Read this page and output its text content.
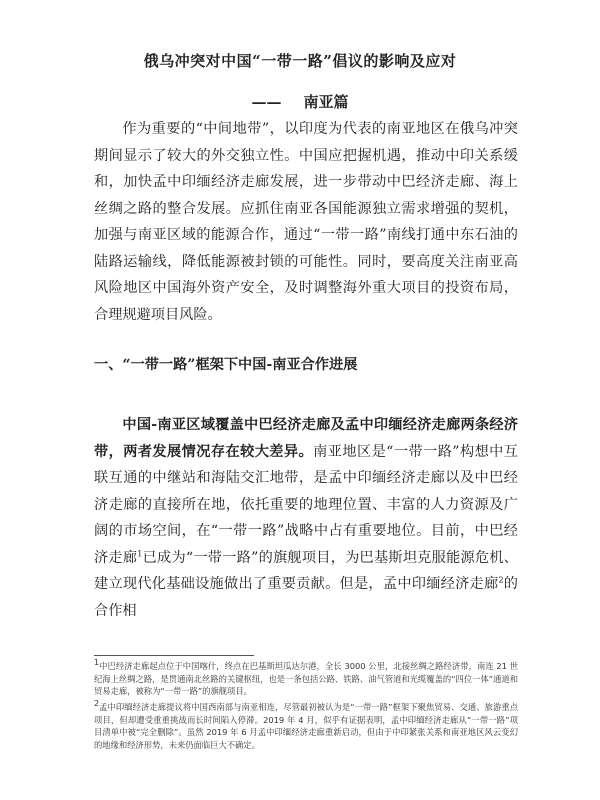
俄乌冲突对中国“一带一路”倡议的影响及应对
—— 南亚篇

作为重要的“中间地带”，以印度为代表的南亚地区在俄乌冲突期间显示了较大的外交独立性。中国应把握机遇，推动中印关系缓和，加快孟中印缅经济走廊发展，进一步带动中巴经济走廊、海上丝绸之路的整合发展。应抓住南亚各国能源独立需求增强的契机，加强与南亚区域的能源合作，通过“一带一路”南线打通中东石油的陆路运输线，降低能源被封锁的可能性。同时，要高度关注南亚高风险地区中国海外资产安全，及时调整海外重大项目的投资布局，合理规避项目风险。

一、“一带一路”框架下中国-南亚合作进展

中国-南亚区域覆盖中巴经济走廊及孟中印缅经济走廊两条经济带，两者发展情况存在较大差异。南亚地区是“一带一路”构想中互联互通的中继站和海陆交汇地带，是孟中印缅经济走廊以及中巴经济走廊的直接所在地，依托重要的地理位置、丰富的人力资源及广阔的市场空间，在“一带一路”战略中占有重要地位。目前，中巴经济走廊$^1$已成为“一带一路”的旗舰项目，为巴基斯坦克服能源危机、建立现代化基础设施做出了重要贡献。但是，孟中印缅经济走廊$^2$的合作相

$^1$中巴经济走廊起点位于中国喀什，终点在巴基斯坦瓜达尔港，全长 3000 公里，北接丝绸之路经济带，南连 21 世纪海上丝绸之路，是贯通南北丝路的关键枢纽，也是一条包括公路、铁路、油气管道和光缆覆盖的“四位一体”通道和贸易走廊，被称为“一带一路”的旗舰项目。

$^2$孟中印缅经济走廊提议将中国西南部与南亚相连，尽管最初被认为是“一带一路”框架下聚焦贸易、交通、旅游重点项目，但却遭受重重挑战而长时间陷入停滞。2019 年 4 月，似乎有证据表明，孟中印缅经济走廊从“一带一路”项目清单中被“完全删除”。虽然 2019 年 6 月孟中印缅经济走廊重新启动，但由于中印紧张关系和南亚地区风云变幻的地缘和经济形势，未来仍面临巨大不确定。
